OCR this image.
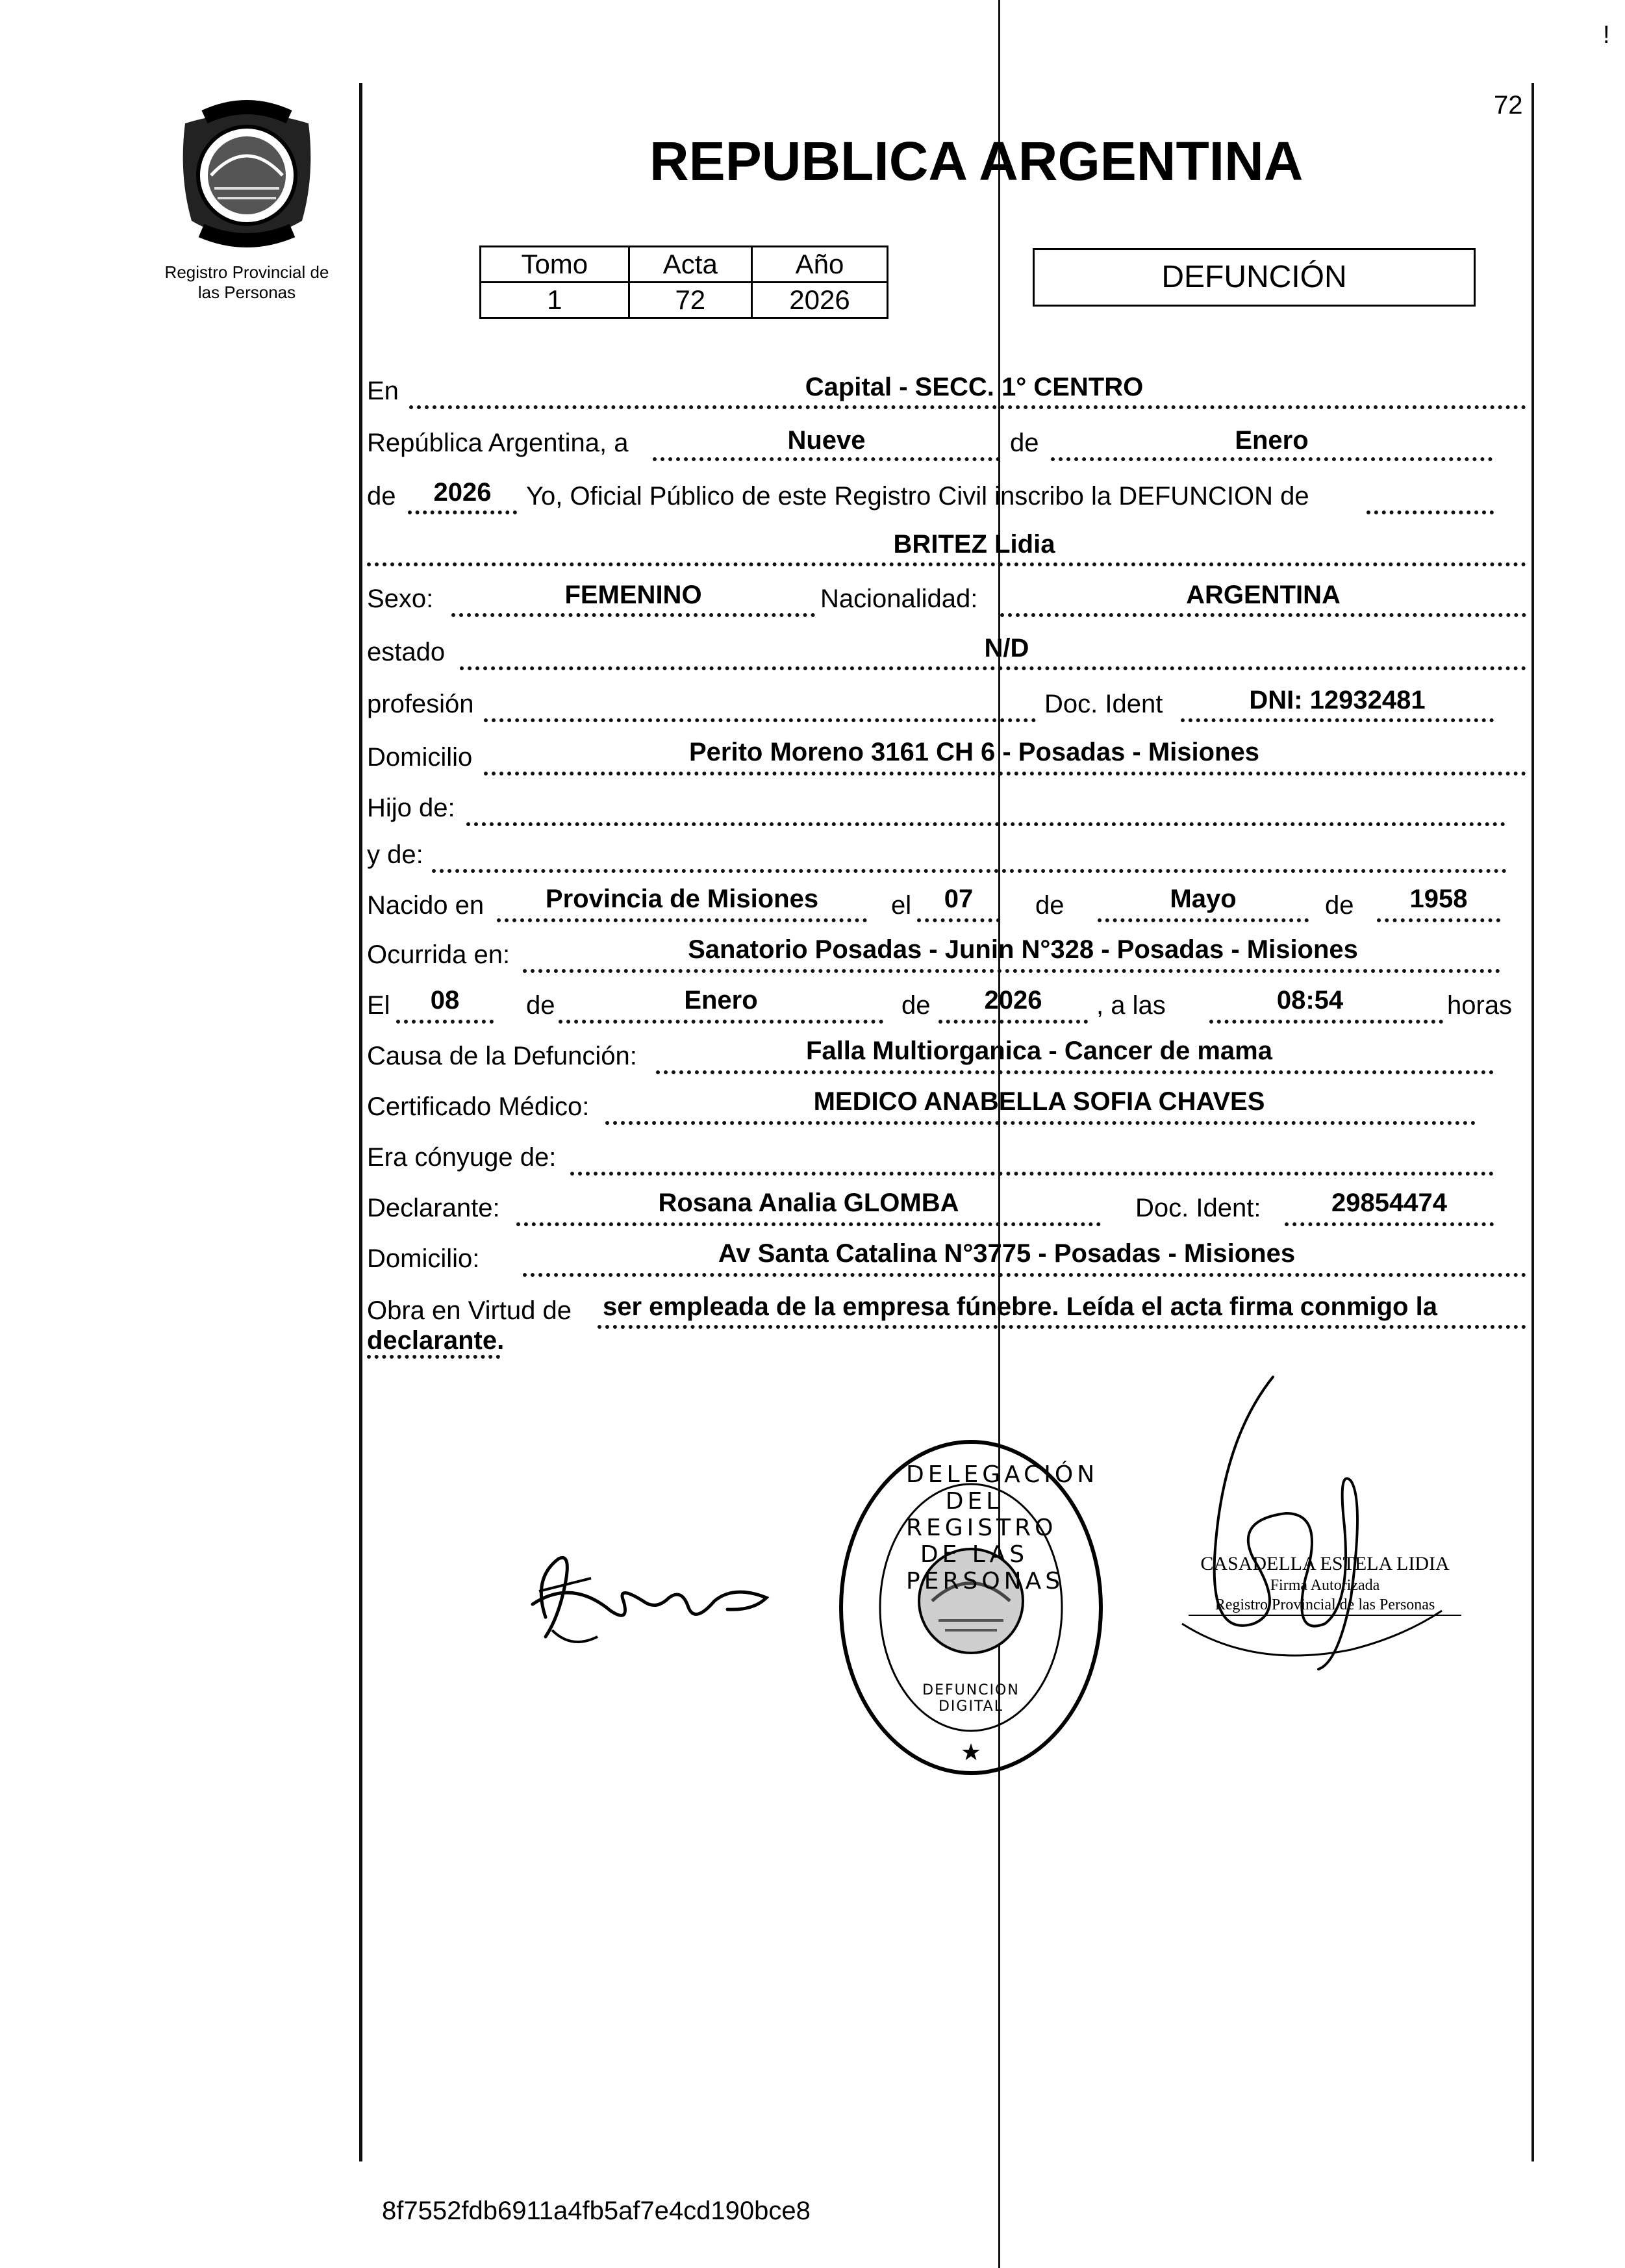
!
72
Registro Provincial de
las Personas
REPUBLICA ARGENTINA
Tomo	Acta	Año
1	72	2026
DEFUNCIÓN
En	Capital - SECC. 1° CENTRO
República Argentina, a	Nueve	de	Enero
de	2026	Yo, Oficial Público de este Registro Civil inscribo la DEFUNCION de
BRITEZ Lidia
Sexo:	FEMENINO	Nacionalidad:	ARGENTINA
estado	N/D
profesión	Doc. Ident	DNI: 12932481
Domicilio	Perito Moreno 3161 CH 6 - Posadas - Misiones
Hijo de:
y de:
Nacido en	Provincia de Misiones	el	07	de	Mayo	de	1958
Ocurrida en:	Sanatorio Posadas - Junin N°328 - Posadas - Misiones
El	08	de	Enero	de	2026	, a las	08:54	horas
Causa de la Defunción:	Falla Multiorganica - Cancer de mama
Certificado Médico:	MEDICO ANABELLA SOFIA CHAVES
Era cónyuge de:
Declarante:	Rosana Analia GLOMBA	Doc. Ident:	29854474
Domicilio:	Av Santa Catalina N°3775 - Posadas - Misiones
Obra en Virtud de ser empleada de la empresa fúnebre. Leída el acta firma conmigo la
declarante.
★
DELEGACIÓN DEL REGISTRO DE LAS PERSONAS
DEFUNCION DIGITAL
CASADELLA ESTELA LIDIA
Firma Autorizada
Registro Provincial de las Personas
8f7552fdb6911a4fb5af7e4cd190bce8
